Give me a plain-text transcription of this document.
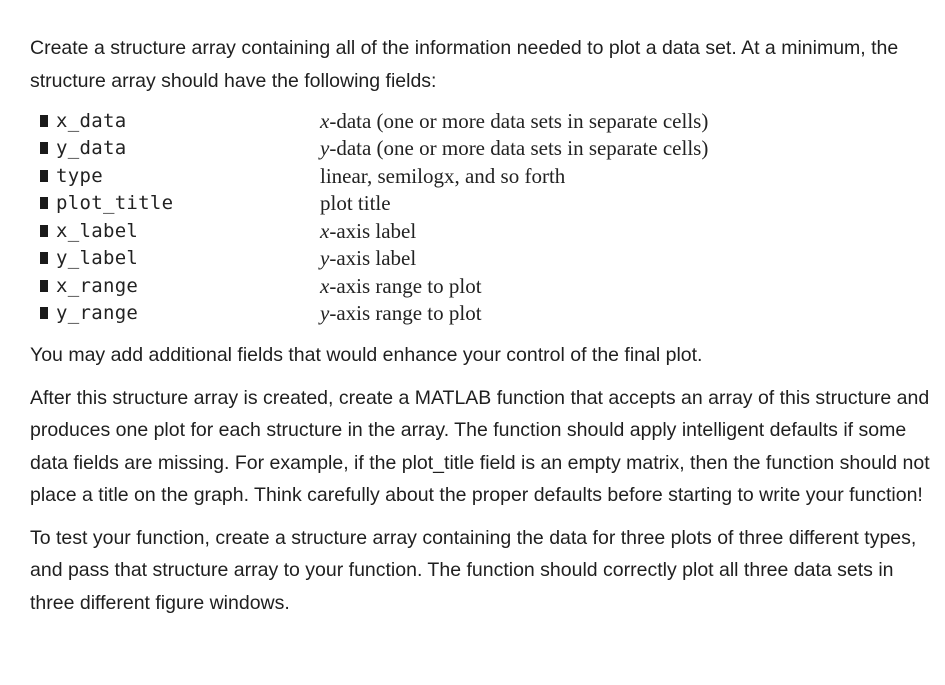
Create a structure array containing all of the information needed to plot a data set. At a minimum, the structure array should have the following fields:

x_data	x-data (one or more data sets in separate cells)
y_data	y-data (one or more data sets in separate cells)
type	linear, semilogx, and so forth
plot_title	plot title
x_label	x-axis label
y_label	y-axis label
x_range	x-axis range to plot
y_range	y-axis range to plot

You may add additional fields that would enhance your control of the final plot.

After this structure array is created, create a MATLAB function that accepts an array of this structure and produces one plot for each structure in the array. The function should apply intelligent defaults if some data fields are missing. For example, if the plot_title field is an empty matrix, then the function should not place a title on the graph. Think carefully about the proper defaults before starting to write your function!

To test your function, create a structure array containing the data for three plots of three different types, and pass that structure array to your function. The function should correctly plot all three data sets in three different figure windows.
